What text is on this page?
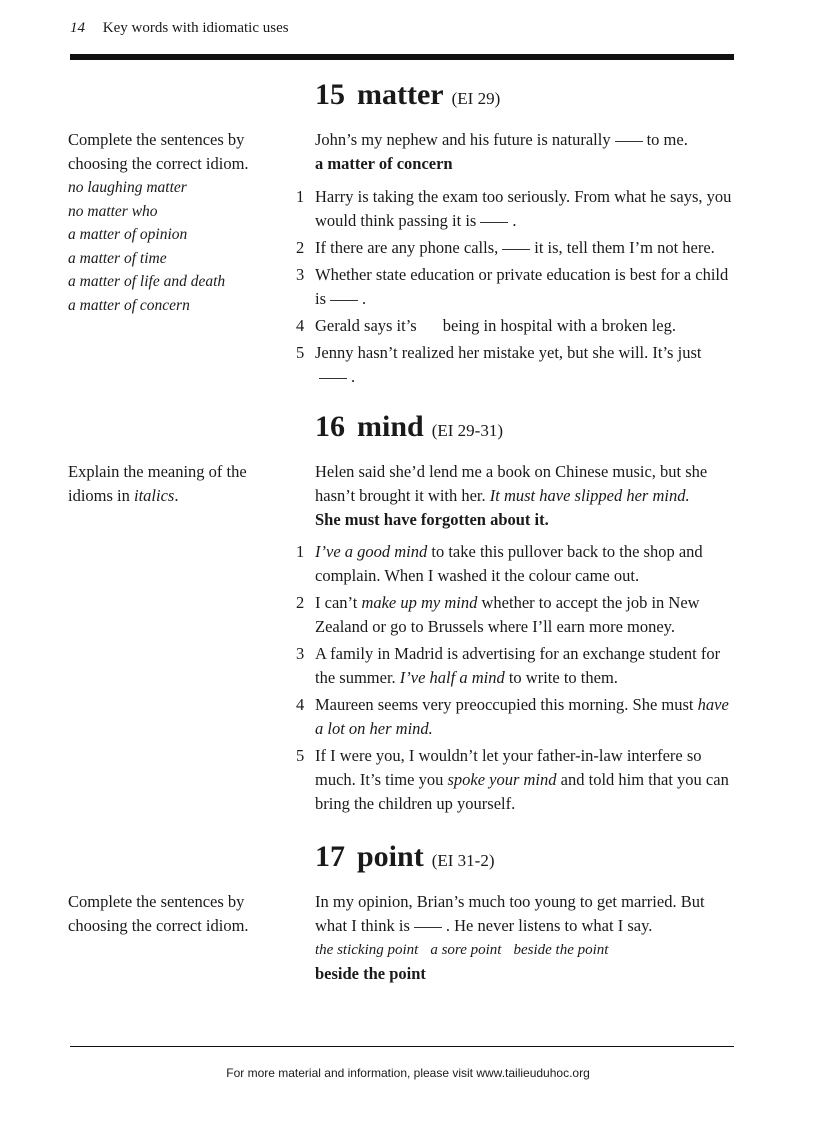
14 Key words with idiomatic uses
15 matter (EI 29)
Complete the sentences by choosing the correct idiom.
no laughing matter
no matter who
a matter of opinion
a matter of time
a matter of life and death
a matter of concern
John’s my nephew and his future is naturally to me.
a matter of concern
1 Harry is taking the exam too seriously. From what he says, you would think passing it is .
2 If there are any phone calls, it is, tell them I’m not here.
3 Whether state education or private education is best for a child is .
4 Gerald says it’s being in hospital with a broken leg.
5 Jenny hasn’t realized her mistake yet, but she will. It’s just.
16 mind (EI 29-31)
Explain the meaning of the idioms in italics.
Helen said she’d lend me a book on Chinese music, but she hasn’t brought it with her. It must have slipped her mind.
She must have forgotten about it.
1 I’ve a good mind to take this pullover back to the shop and complain. When I washed it the colour came out.
2 I can’t make up my mind whether to accept the job in New Zealand or go to Brussels where I’ll earn more money.
3 A family in Madrid is advertising for an exchange student for the summer. I’ve half a mind to write to them.
4 Maureen seems very preoccupied this morning. She must have a lot on her mind.
5 If I were you, I wouldn’t let your father-in-law interfere so much. It’s time you spoke your mind and told him that you can bring the children up yourself.
17 point (EI 31-2)
Complete the sentences by choosing the correct idiom.
In my opinion, Brian’s much too young to get married. But what I think is . He never listens to what I say.
the sticking point a sore point beside the point
beside the point
For more material and information, please visit www.tailieuduhoc.org
